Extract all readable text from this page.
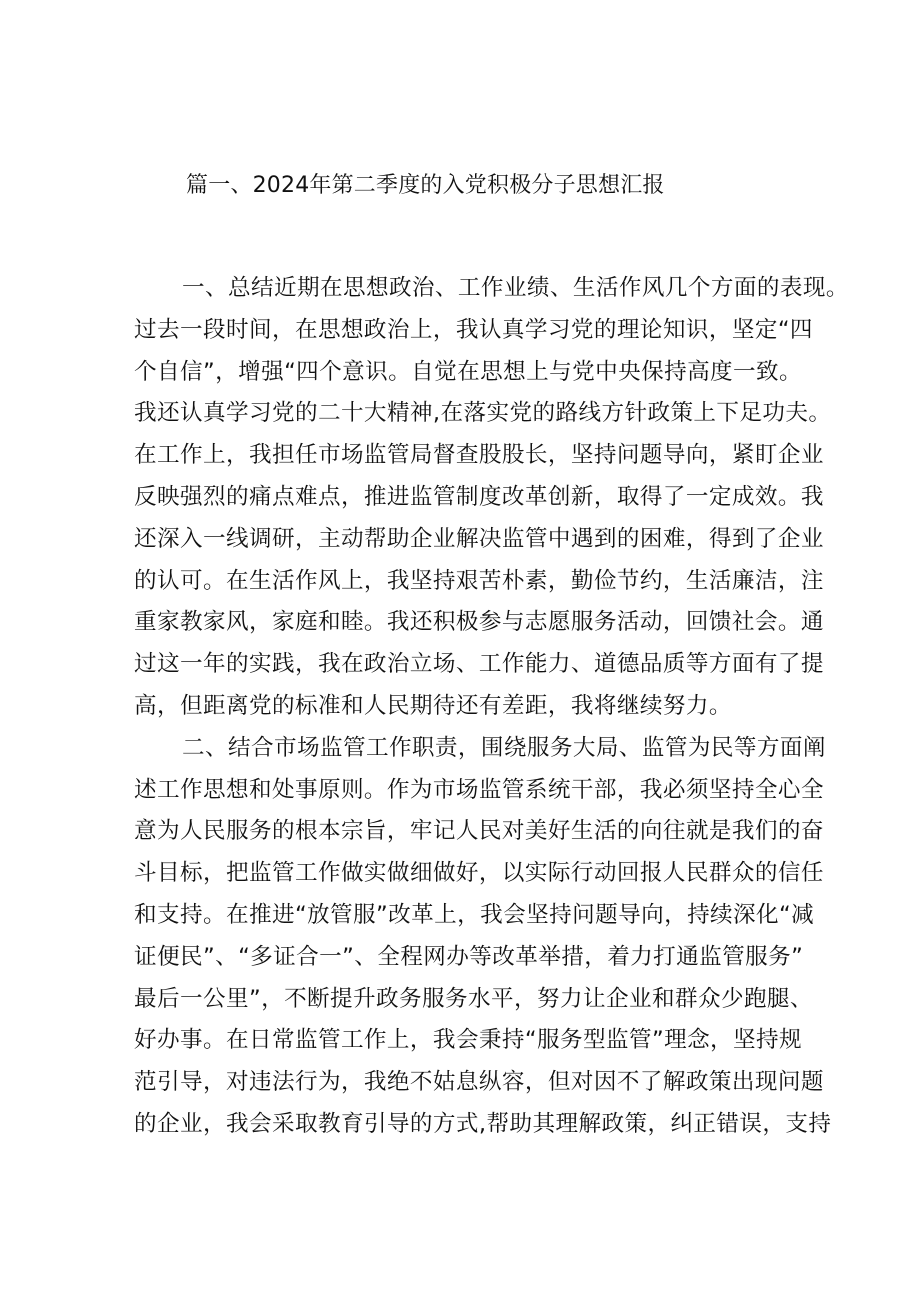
篇一、2024年第二季度的入党积极分子思想汇报
一、总结近期在思想政治、工作业绩、生活作风几个方面的表现。
过去一段时间，在思想政治上，我认真学习党的理论知识，坚定“四
个自信”，增强“四个意识。自觉在思想上与党中央保持高度一致。
我还认真学习党的二十大精神,在落实党的路线方针政策上下足功夫。
在工作上，我担任市场监管局督查股股长，坚持问题导向，紧盯企业
反映强烈的痛点难点，推进监管制度改革创新，取得了一定成效。我
还深入一线调研，主动帮助企业解决监管中遇到的困难，得到了企业
的认可。在生活作风上，我坚持艰苦朴素，勤俭节约，生活廉洁，注
重家教家风，家庭和睦。我还积极参与志愿服务活动，回馈社会。通
过这一年的实践，我在政治立场、工作能力、道德品质等方面有了提
高，但距离党的标准和人民期待还有差距，我将继续努力。
二、结合市场监管工作职责，围绕服务大局、监管为民等方面阐
述工作思想和处事原则。作为市场监管系统干部，我必须坚持全心全
意为人民服务的根本宗旨，牢记人民对美好生活的向往就是我们的奋
斗目标，把监管工作做实做细做好，以实际行动回报人民群众的信任
和支持。在推进“放管服”改革上，我会坚持问题导向，持续深化“减
证便民”、“多证合一”、全程网办等改革举措，着力打通监管服务”
最后一公里”，不断提升政务服务水平，努力让企业和群众少跑腿、
好办事。在日常监管工作上，我会秉持“服务型监管”理念，坚持规
范引导，对违法行为，我绝不姑息纵容，但对因不了解政策出现问题
的企业，我会采取教育引导的方式,帮助其理解政策，纠正错误，支持
